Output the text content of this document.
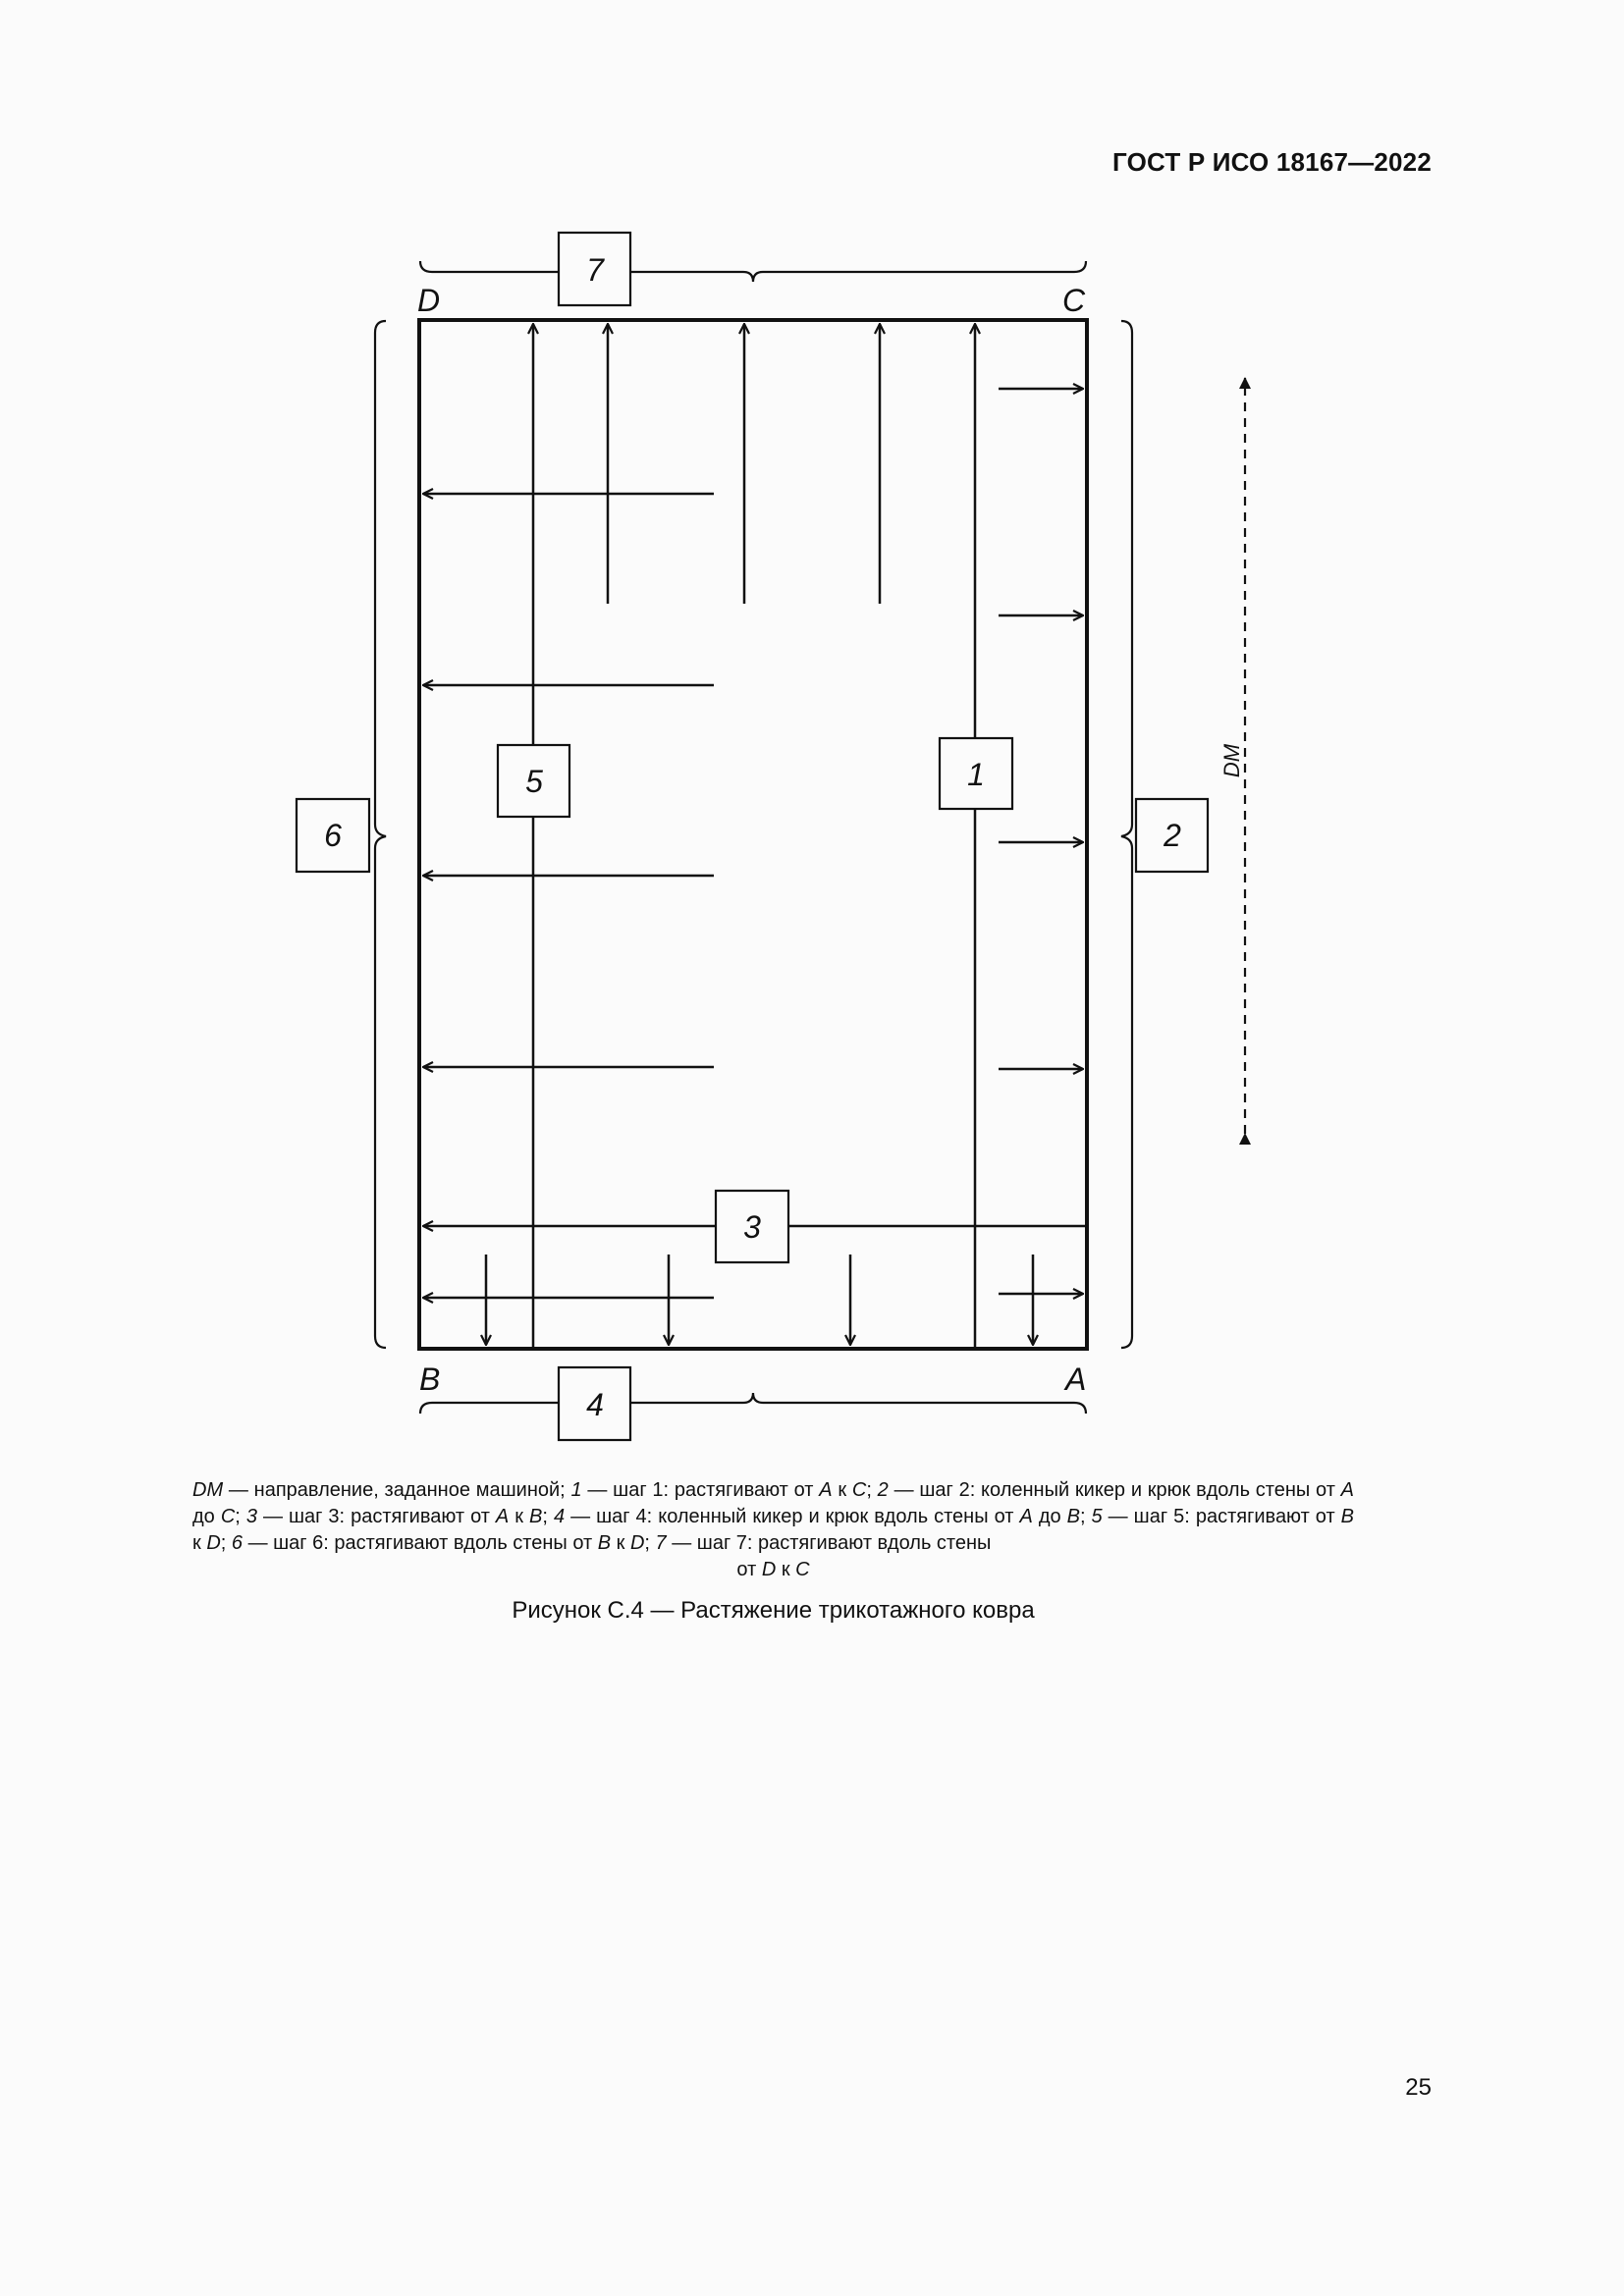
ГОСТ Р ИСО 18167—2022
7
4
6	2
5	1
3
D	C
B	A
DM
DM — направление, заданное машиной; 1 — шаг 1: растягивают от A к C; 2 — шаг 2: коленный кикер и крюк вдоль стены от A до C; 3 — шаг 3: растягивают от A к B; 4 — шаг 4: коленный кикер и крюк вдоль стены от A до B; 5 — шаг 5: растягивают от B к D; 6 — шаг 6: растягивают вдоль стены от B к D; 7 — шаг 7: растягивают вдоль стены
от D к C
Рисунок С.4 — Растяжение трикотажного ковра
25
